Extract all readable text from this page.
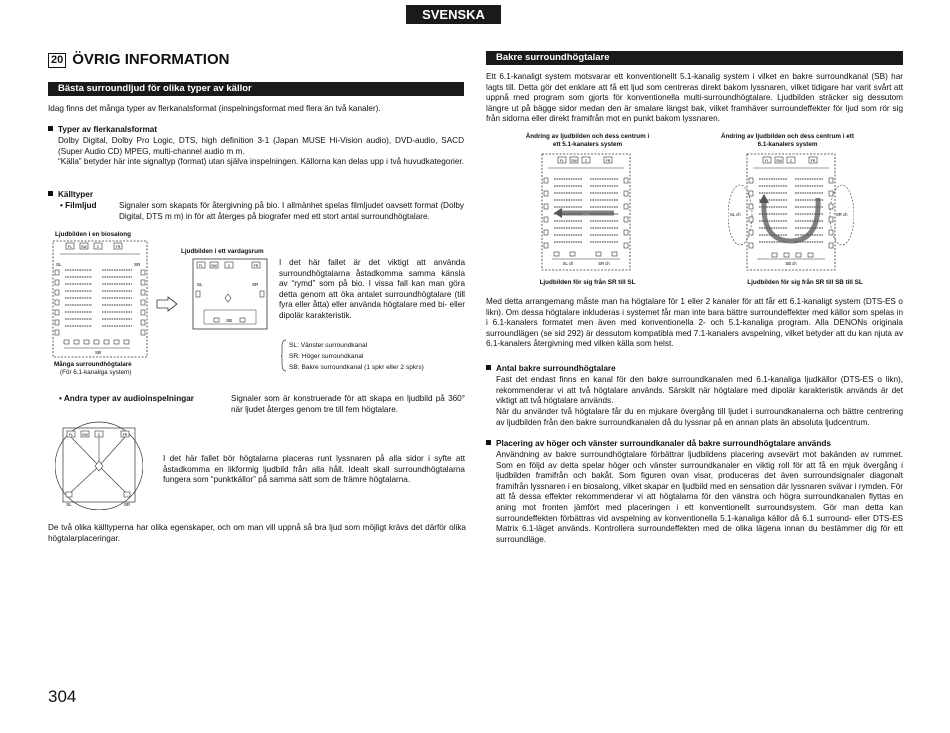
SVENSKA
20 ÖVRIG INFORMATION
Bästa surroundljud för olika typer av källor

Idag finns det många typer av flerkanalsformat (inspelningsformat med flera än två kanaler).

Typer av flerkanalsformat

Dolby Digital, Dolby Pro Logic, DTS, high definition 3-1 (Japan MUSE Hi-Vision audio), DVD-audio, SACD (Super Audio CD) MPEG, multi-channel audio m m.

“Källa” betyder här inte signaltyp (format) utan själva inspelningen. Källorna kan delas upp i två huvudkategorier.

Källtyper

• Filmljud	Signaler som skapats för återgivning på bio. I allmänhet spelas filmljudet oavsett format (Dolby Digital, DTS m m) in för att återges på biografer med ett stort antal surroundhögtalare.

Ljudbilden i en biosalong
FL	SW	C	FR
SL	SR
SB
Många surroundhögtalare
(För 6.1-kanaliga system)
Ljudbilden i ett vardagsrum
FL SW	C	FR
SL	SR
SB

I det här fallet är det viktigt att använda surroundhögtalarna åstadkomma samma känsla av “rymd” som på bio. I vissa fall kan man göra detta genom att öka antalet surroundhögtalare (till fyra eller åtta) eller använda högtalare med bi- eller dipolär karakteristik.

SL: Vänster surroundkanal
SR: Höger surroundkanal
SB: Bakre surroundkanal (1 spkr eller 2 spkrs)

• Andra typer av audioinspelningar	Signaler som är konstruerade för att skapa en ljudbild på 360° när ljudet återges genom tre till fem högtalare.

FL	SW	C	FR
SL	SR

I det här fallet bör högtalarna placeras runt lyssnaren på alla sidor i syfte att åstadkomma en likformig ljudbild från alla håll. Idealt skall surroundhögtalarna fungera som “punktkällor” på samma sätt som de främre högtalarna.

De två olika källtyperna har olika egenskaper, och om man vill uppnå så bra ljud som möjligt krävs det därför olika högtalarplaceringar.

Bakre surroundhögtalare

Ett 6.1-kanaligt system motsvarar ett konventionellt 5.1-kanalig system i vilket en bakre surroundkanal (SB) har lagts till. Detta gör det enklare att få ett ljud som centreras direkt bakom lyssnaren, vilket tidigare har varit svårt att uppnå med program som gjorts för konventionella multi-surroundhögtalare. Ljudbilden sträcker sig dessutom längre ut på bägge sidor medan den är smalare längst bak, vilket framhäver surroundeffekter för ljud som rör sig från sidorna eller direkt framifrån mot en punkt bakom lyssnaren.

Ändring av ljudbilden och dess centrum i
ett 5.1-kanalers system
Ändring av ljudbilden och dess centrum i ett
6.1-kanalers system
FL SW C	FR
SL ch	SR ch
FL SW C	FR
SL ch	SR ch
SB ch
Ljudbilden för sig från SR till SL	Ljudbilden för sig från SR till SB till SL

Med detta arrangemang måste man ha högtalare för 1 eller 2 kanaler för att får ett 6.1-kanaligt system (DTS-ES o likn). Om dessa högtalare inkluderas i systemet får man inte bara bättre surroundeffekter med källor som spelas in i 6.1-kanalers formatet men även med konventionella 2- och 5.1-kanaliga program. Alla DENONs originala surroundlägen (se sid 292) är dessutom kompatibla med 7.1-kanalers avspelning, vilket betyder att du kan njuta av 6.1-kanalers återgivning med vilken källa som helst.

Antal bakre surroundhögtalare

Fast det endast finns en kanal för den bakre surroundkanalen med 6.1-kanaliga ljudkällor (DTS-ES o likn), rekommenderar vi att två högtalare används. Särskilt när högtalare med dipolär karakteristik används är det viktigt att två högtalare används.

När du använder två högtalare får du en mjukare övergång till ljudet i surroundkanalerna och bättre centrering av ljudbilden från den bakre surroundkanalen då du lyssnar på en annan plats än absoluta ljudcentrum.

Placering av höger och vänster surroundkanaler då bakre surroundhögtalare används

Användning av bakre surroundhögtalare förbättrar ljudbildens placering avsevärt mot bakänden av rummet. Som en följd av detta spelar höger och vänster surroundkanaler en viktig roll för att få en mjuk övergång i ljudbilden framifrån och bakåt. Som figuren ovan visar, produceras det även surroundsignaler diagonalt framifrån lyssnaren i en biosalong, vilket skapar en ljudbild med en sensation där lyssnaren svävar i rymden. För att få dessa effekter rekommenderar vi att högtalarna för den vänstra och högra surroundkanalen flyttas en aning mot fronten jämfört med placeringen i ett konventionellt surroundsystem. Gör man detta kan surroundeffekten förbättras vid avspelning av konventionella 5.1-kanaliga källor då 6.1 surround- eller DTS-ES Matrix 6.1-läget används. Kontrollera surroundeffekten med de olika lägena innan du bestämmer dig för ett surroundläge.

304
